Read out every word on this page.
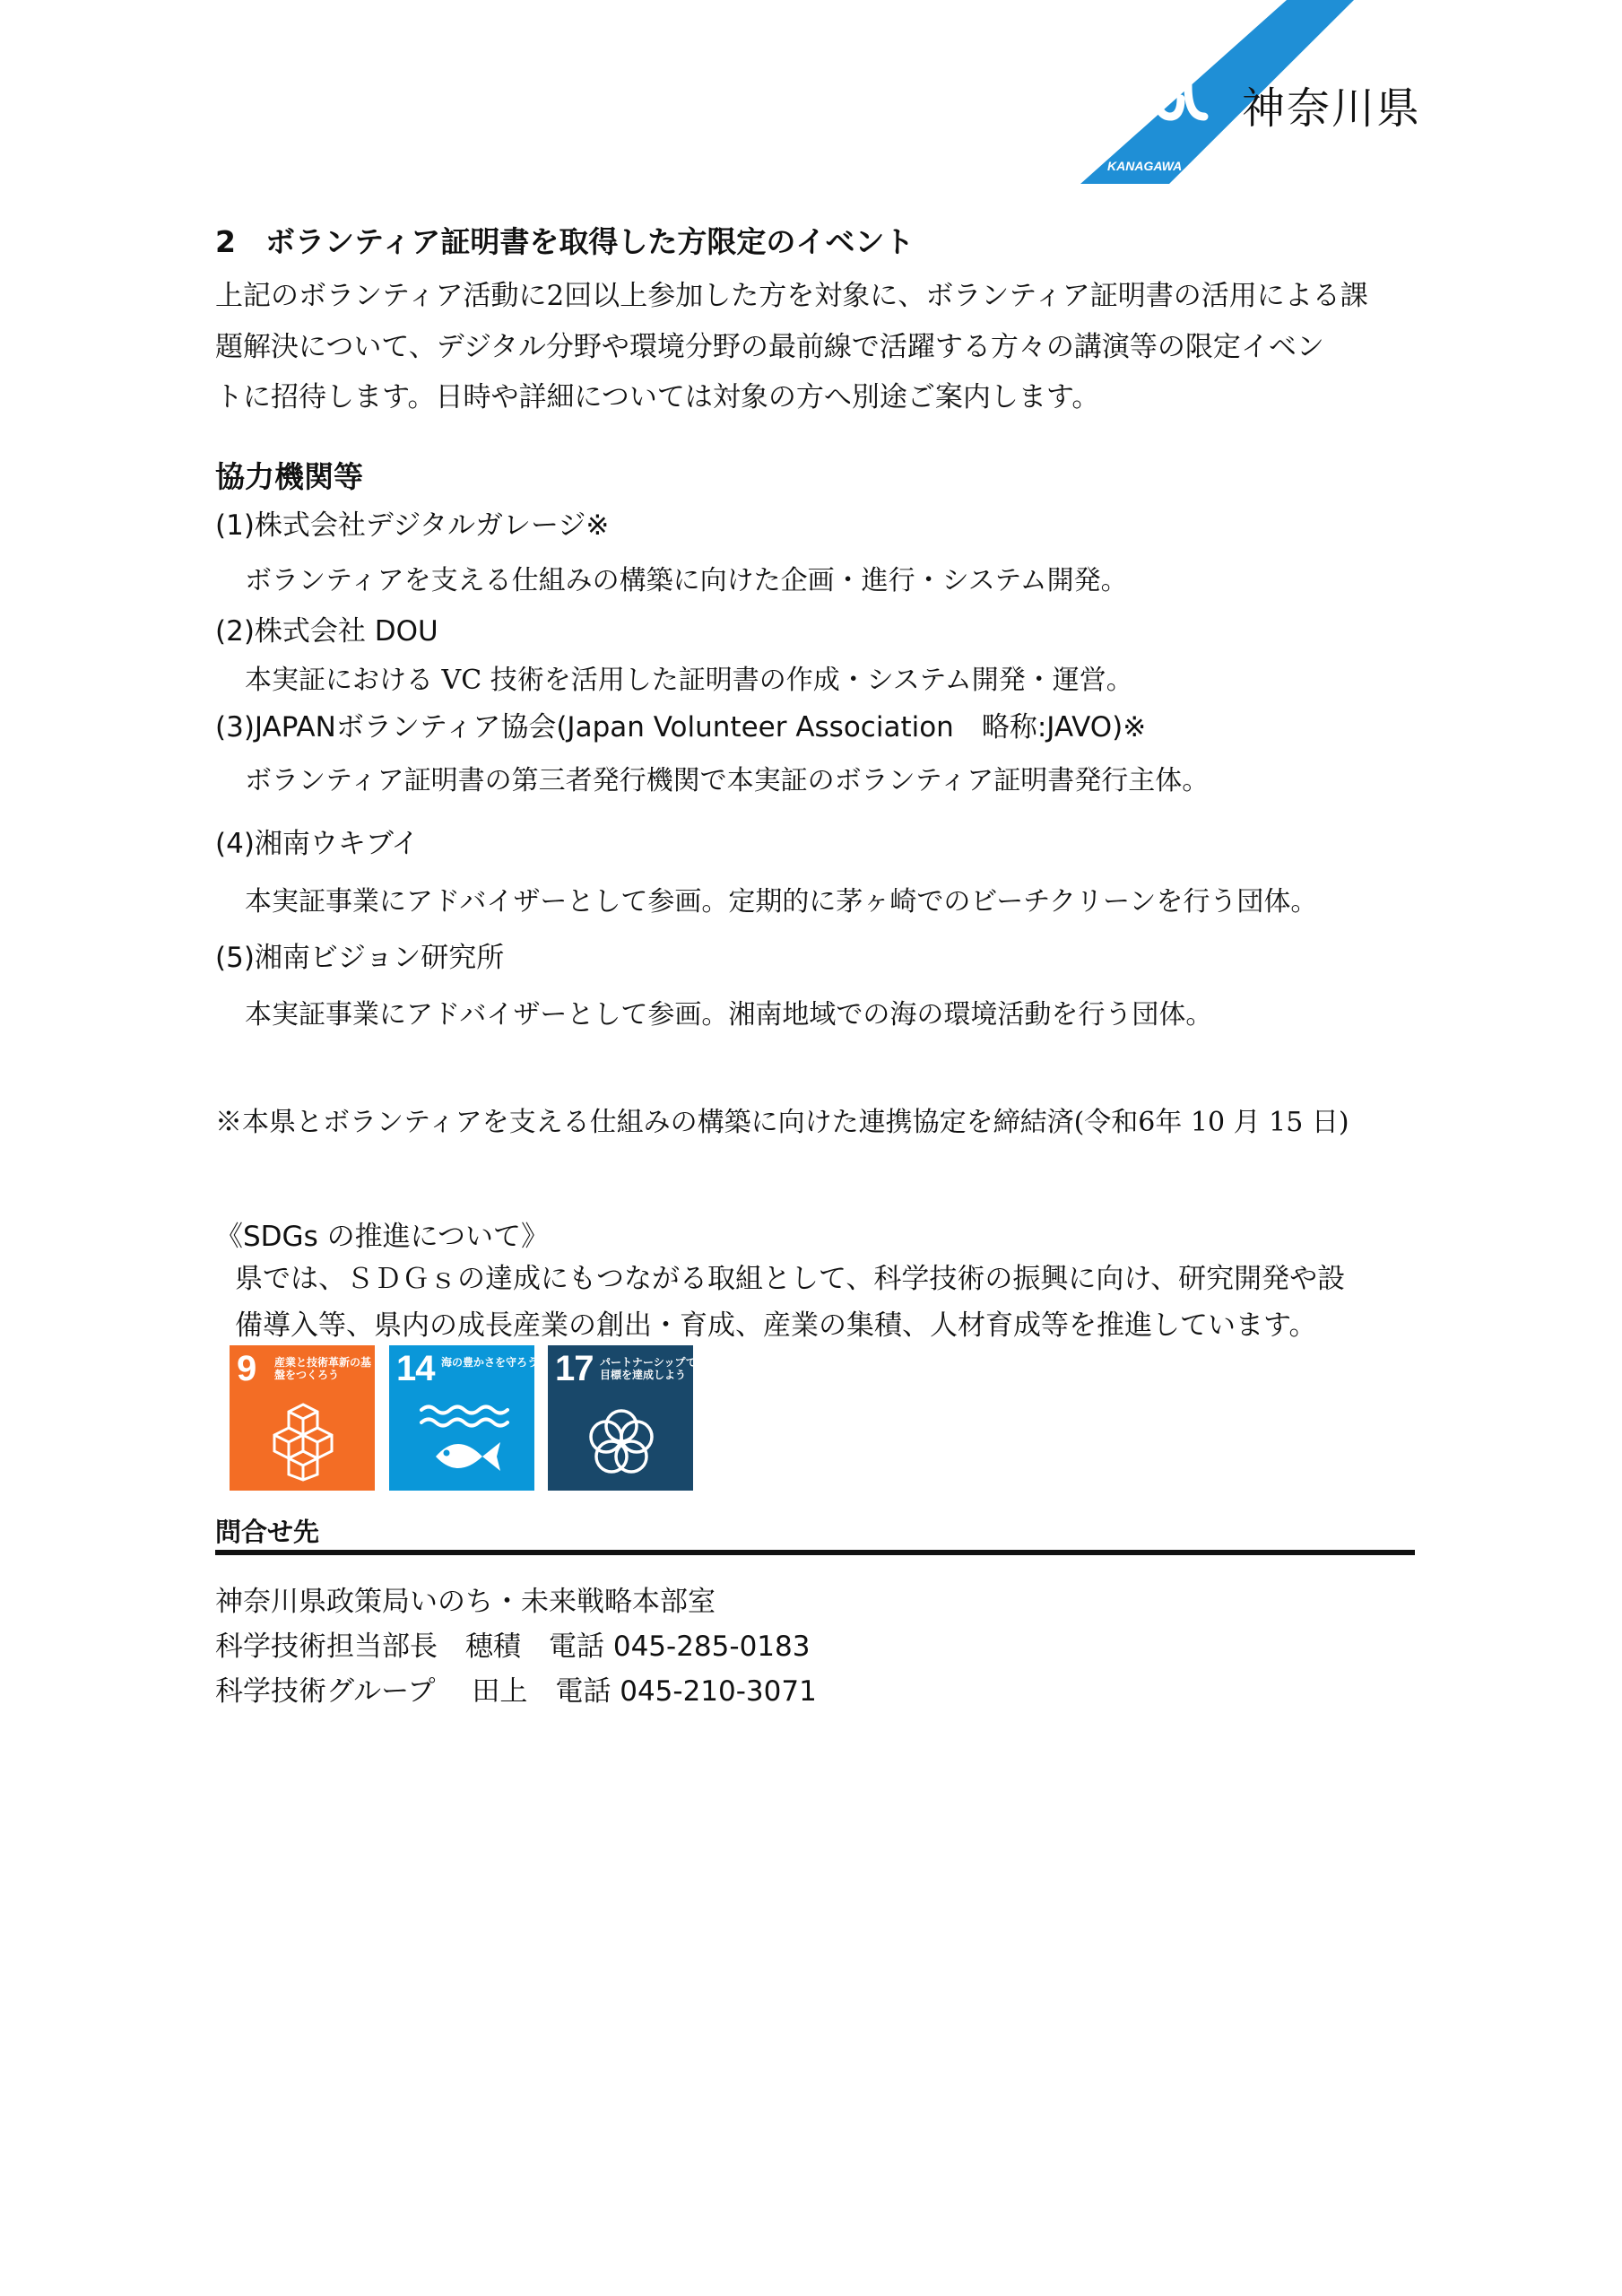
KANAGAWA
神奈川県
2　ボランティア証明書を取得した方限定のイベント
上記のボランティア活動に2回以上参加した方を対象に、ボランティア証明書の活用による課
題解決について、デジタル分野や環境分野の最前線で活躍する方々の講演等の限定イベン
トに招待します。日時や詳細については対象の方へ別途ご案内します。
協力機関等
(1)株式会社デジタルガレージ※
ボランティアを支える仕組みの構築に向けた企画・進行・システム開発。
(2)株式会社 DOU
本実証における VC 技術を活用した証明書の作成・システム開発・運営。
(3)JAPANボランティア協会(Japan Volunteer Association　略称:JAVO)※
ボランティア証明書の第三者発行機関で本実証のボランティア証明書発行主体。
(4)湘南ウキブイ
本実証事業にアドバイザーとして参画。定期的に茅ヶ崎でのビーチクリーンを行う団体。
(5)湘南ビジョン研究所
本実証事業にアドバイザーとして参画。湘南地域での海の環境活動を行う団体。
※本県とボランティアを支える仕組みの構築に向けた連携協定を締結済(令和6年 10 月 15 日)
《SDGs の推進について》
県では、ＳＤＧｓの達成にもつながる取組として、科学技術の振興に向け、研究開発や設
備導入等、県内の成長産業の創出・育成、産業の集積、人材育成等を推進しています。
9 産業と技術革新の基盤をつくろう	14 海の豊かさを守ろう 17 パートナーシップで目標を達成しよう
問合せ先
神奈川県政策局いのち・未来戦略本部室
科学技術担当部長　穂積　電話 045-285-0183
科学技術グループ　 田上　電話 045-210-3071
